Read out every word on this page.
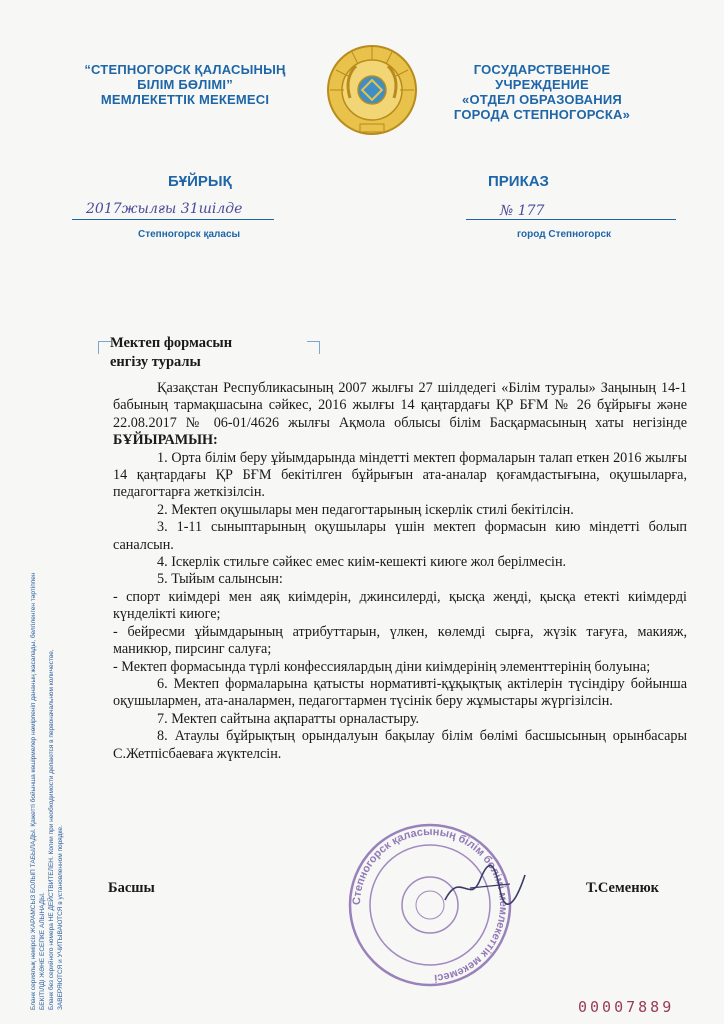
“СТЕПНОГОРСК ҚАЛАСЫНЫҢ
БІЛІМ БӨЛІМІ”
МЕМЛЕКЕТТІК МЕКЕМЕСІ
ГОСУДАРСТВЕННОЕ УЧРЕЖДЕНИЕ
«ОТДЕЛ ОБРАЗОВАНИЯ
ГОРОДА СТЕПНОГОРСКА»
БҰЙРЫҚ	ПРИКАЗ
2017жылғы 31шілде	№ 177
Степногорск қаласы	город Степногорск
Мектеп формасын
енгізу туралы

Қазақстан Республикасының 2007 жылғы 27 шілдедегі «Білім туралы» Заңының 14-1 бабының тармақшасына сәйкес, 2016 жылғы 14 қаңтардағы ҚР БҒМ № 26 бұйрығы және 22.08.2017 № 06-01/4626 жылғы Ақмола облысы білім Басқармасының хаты негізінде БҰЙЫРАМЫН:

1. Орта білім беру ұйымдарында міндетті мектеп формаларын талап еткен 2016 жылғы 14 қаңтардағы ҚР БҒМ бекітілген бұйрығын ата-аналар қоғамдастығына, оқушыларға, педагогтарға жеткізілсін.

2. Мектеп оқушылары мен педагогтарының іскерлік стилі бекітілсін.

3. 1-11 сыныптарының оқушылары үшін мектеп формасын кию міндетті болып саналсын.

4. Іскерлік стильге сәйкес емес киім-кешекті киюге жол берілмесін.

5. Тыйым салынсын:

- спорт киімдері мен аяқ киімдерін, джинсилерді, қысқа жеңді, қысқа етекті киімдерді күнделікті киюге;

- бейресми ұйымдарының атрибуттарын, үлкен, көлемді сырға, жүзік тағуға, макияж, маникюр, пирсинг салуға;

- Мектеп формасында түрлі конфессиялардың діни киімдерінің элементтерінің болуына;

6. Мектеп формаларына қатысты нормативті-құқықтық актілерін түсіндіру бойынша оқушылармен, ата-аналармен, педагогтармен түсінік беру жұмыстары жүргізілсін.

7. Мектеп сайтына ақпаратты орналастыру.

8. Атаулы бұйрықтың орындалуын бақылау білім бөлімі басшысының орынбасары С.Жетпісбаеваға жүктелсін.

Степногорск қаласының білім бөлімі мемлекеттік мекемесі
Басшы	Т.Семенюк
Бланк сериялық нөмірсіз ЖАРАМСЫЗ БОЛЫП ТАБЫЛАДЫ. Қажетті бойынша көшірмелер нөмірленіп дананың жасалады, белгіленген тәртіппен БЕКІТІЛДІ ЖӘНЕ ЕСЕПКЕ АЛЫНАДЫ. Бланк без серийного номера НЕ ДЕЙСТВИТЕЛЕН. Копии при необходимости делаются в первоначальном количестве, ЗАВЕРЯЮТСЯ и УЧИТЫВАЮТСЯ в установленном порядке.	00007889
